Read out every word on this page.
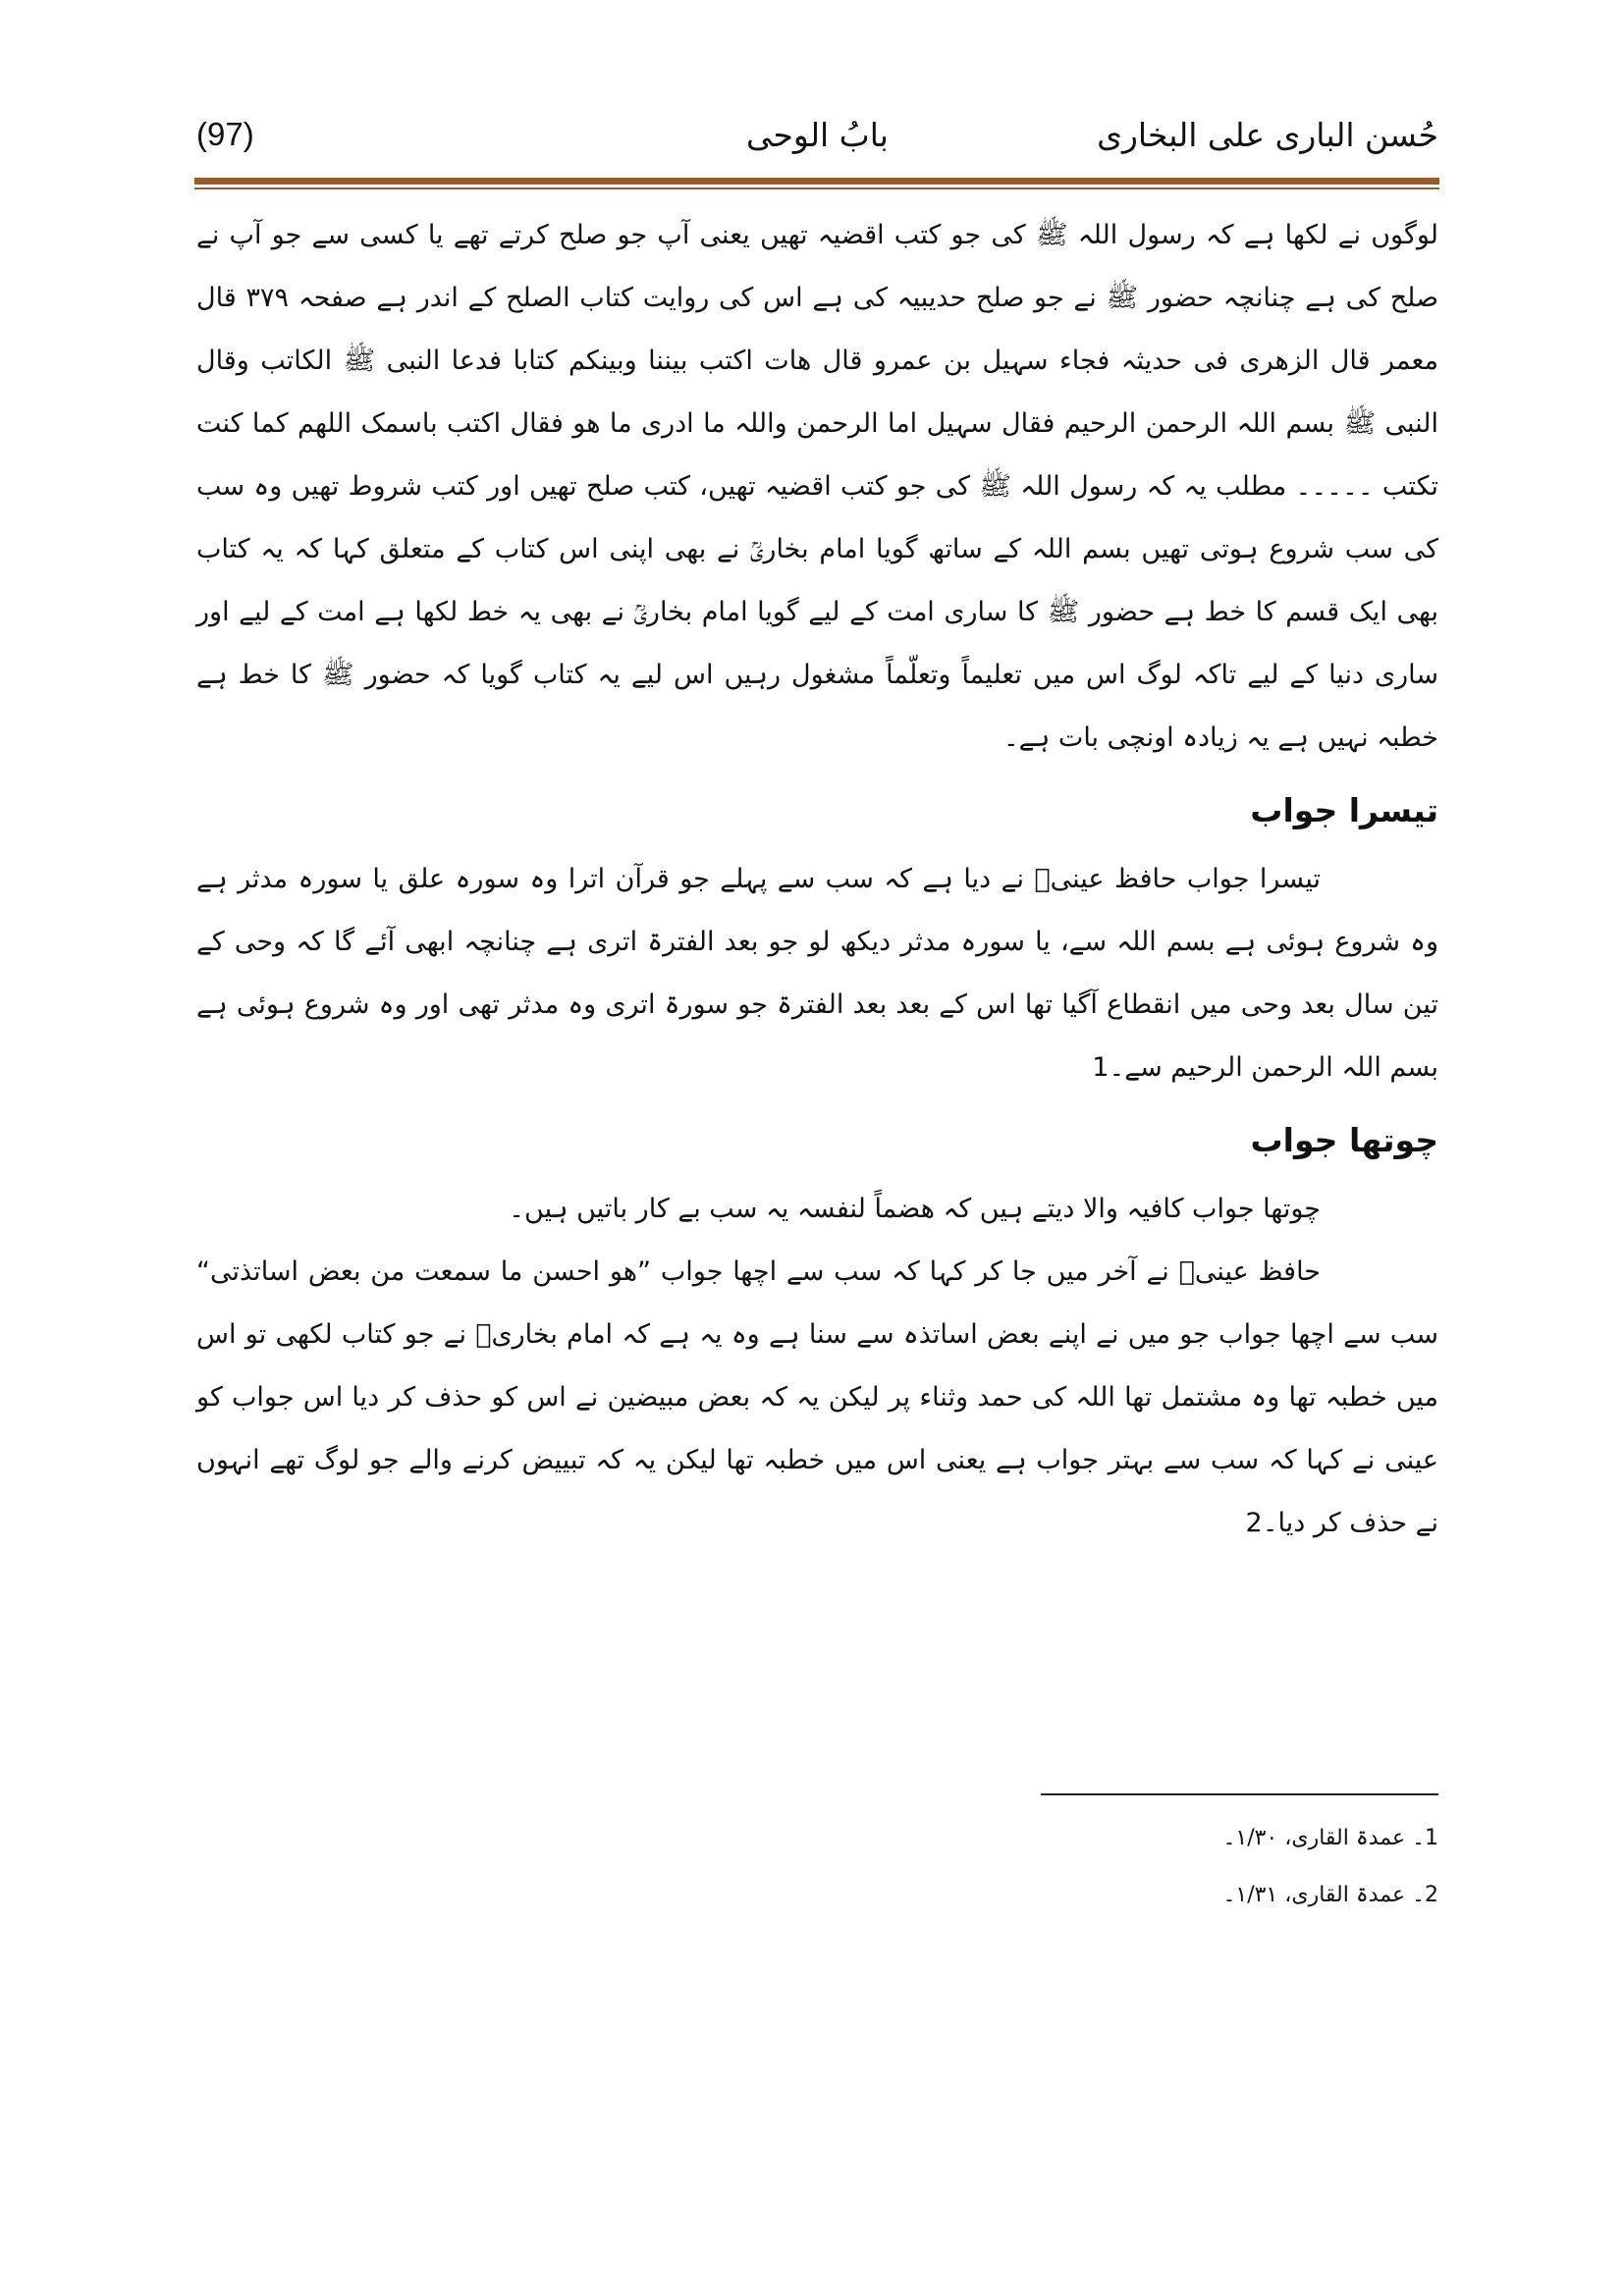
حُسن البارى على البخارى
بابُ الوحى
(97)

لوگوں نے لکھا ہے کہ رسول اللہ ﷺ کی جو کتب اقضیہ تھیں یعنی آپ جو صلح کرتے تھے یا کسی سے جو آپ نے صلح کی ہے چنانچہ حضور ﷺ نے جو صلح حدیبیہ کی ہے اس کی روایت کتاب الصلح کے اندر ہے صفحہ ۳۷۹ قال معمر قال الزھری فی حدیثہ فجاء سہیل بن عمرو قال ھات اکتب بیننا وبینکم کتابا فدعا النبی ﷺ الکاتب وقال النبی ﷺ بسم اللہ الرحمن الرحیم فقال سہیل اما الرحمن واللہ ما ادری ما ھو فقال اکتب باسمک اللھم کما کنت تکتب ۔۔۔۔۔ مطلب یہ کہ رسول اللہ ﷺ کی جو کتب اقضیہ تھیں، کتب صلح تھیں اور کتب شروط تھیں وہ سب کی سب شروع ہوتی تھیں بسم اللہ کے ساتھ گویا امام بخاریؒ نے بھی اپنی اس کتاب کے متعلق کہا کہ یہ کتاب بھی ایک قسم کا خط ہے حضور ﷺ کا ساری امت کے لیے گویا امام بخاریؒ نے بھی یہ خط لکھا ہے امت کے لیے اور ساری دنیا کے لیے تاکہ لوگ اس میں تعلیماً وتعلّماً مشغول رہیں اس لیے یہ کتاب گویا کہ حضور ﷺ کا خط ہے خطبہ نہیں ہے یہ زیادہ اونچی بات ہے۔

تیسرا جواب

تیسرا جواب حافظ عینیؒ نے دیا ہے کہ سب سے پہلے جو قرآن اترا وہ سورہ علق یا سورہ مدثر ہے وہ شروع ہوئی ہے بسم اللہ سے، یا سورہ مدثر دیکھ لو جو بعد الفترۃ اتری ہے چنانچہ ابھی آئے گا کہ وحی کے تین سال بعد وحی میں انقطاع آگیا تھا اس کے بعد بعد الفترۃ جو سورۃ اتری وہ مدثر تھی اور وہ شروع ہوئی ہے بسم اللہ الرحمن الرحیم سے۔1

چوتھا جواب

چوتھا جواب کافیہ والا دیتے ہیں کہ ھضماً لنفسہ یہ سب بے کار باتیں ہیں۔

حافظ عینیؒ نے آخر میں جا کر کہا کہ سب سے اچھا جواب ”ھو احسن ما سمعت من بعض اساتذتی“ سب سے اچھا جواب جو میں نے اپنے بعض اساتذہ سے سنا ہے وہ یہ ہے کہ امام بخاریؒ نے جو کتاب لکھی تو اس میں خطبہ تھا وہ مشتمل تھا اللہ کی حمد وثناء پر لیکن یہ کہ بعض مبیضین نے اس کو حذف کر دیا اس جواب کو عینی نے کہا کہ سب سے بہتر جواب ہے یعنی اس میں خطبہ تھا لیکن یہ کہ تبییض کرنے والے جو لوگ تھے انہوں نے حذف کر دیا۔2

1۔ عمدۃ القاری، ۱/۳۰۔
2۔ عمدۃ القاری، ۱/۳۱۔
